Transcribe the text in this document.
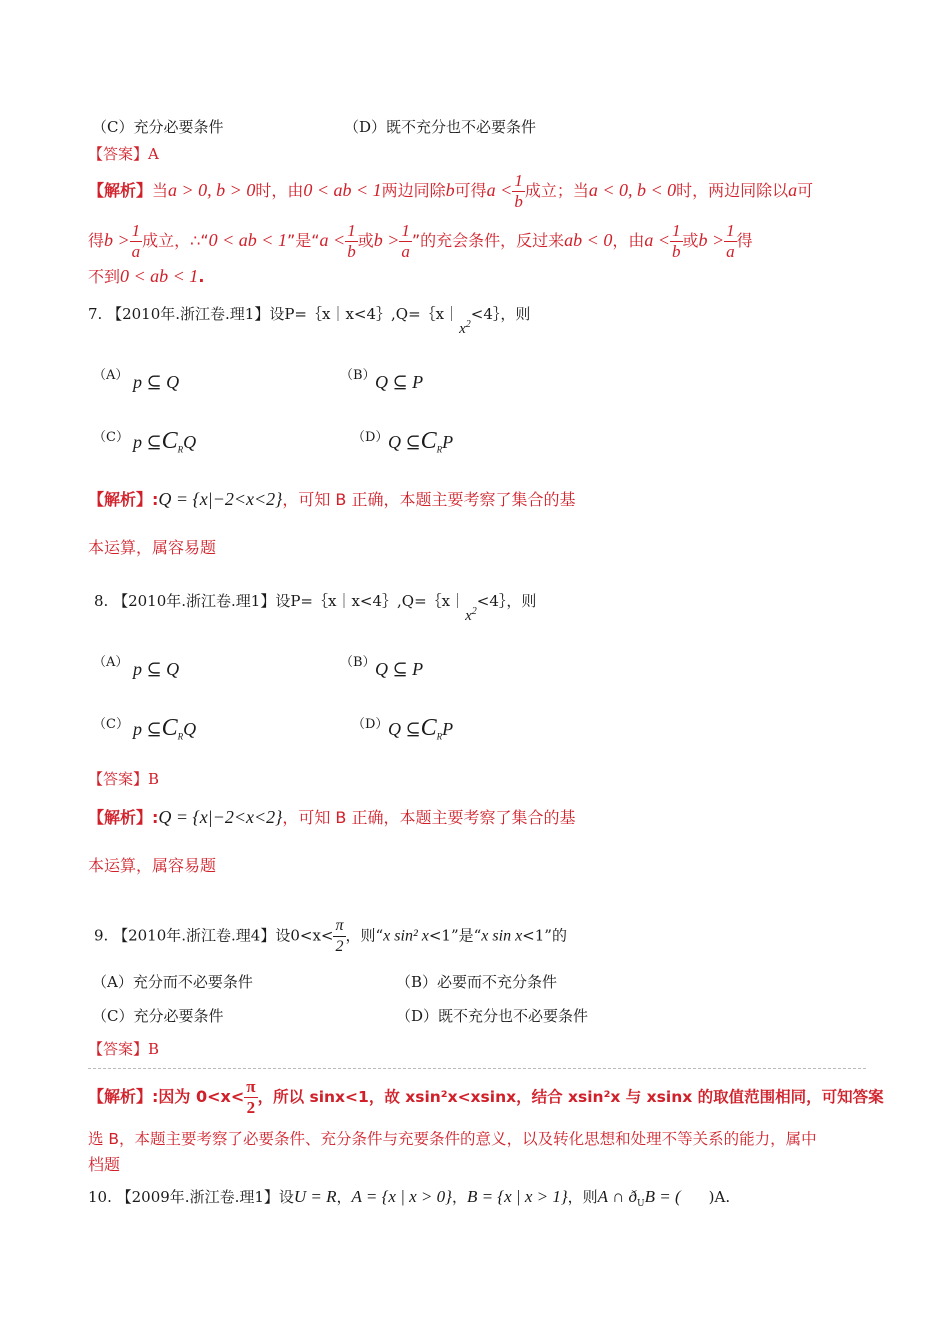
（C）充分必要条件	（D）既不充分也不必要条件
【答案】A
【解析】当a > 0, b > 0时，由0 < ab < 1两边同除b可得$a < \frac{1}{b}$ 成立；当a < 0, b < 0时，两边同除以a可
得$b > \frac{1}{a}$ 成立，∴“0 < ab < 1”是“$a < \frac{1}{b}$ 或$b > \frac{1}{a}$ ”的充会条件，反过来ab < 0，由$a < \frac{1}{b}$ 或$b > \frac{1}{a}$ 得
不到0 < ab < 1.
7. 【2010年.浙江卷.理1】设$P=\{x|x<4\},Q=\{x|x^2<4\}$，则
（A） p ⊆ Q	（B） Q ⊆ P
（C） p $⊆C_RQ$	（D） Q $⊆C_RP$
【解析】:Q = {x|−2<x<2}，可知 B 正确，本题主要考察了集合的基
本运算，属容易题
8. 【2010年.浙江卷.理1】设$P=\{x|x<4\},Q=\{x|x^2<4\}$，则
（A） p ⊆ Q	（B） Q ⊆ P
（C） p $⊆C_RQ$	（D） Q $⊆C_RP$
【答案】B
【解析】:Q = {x|−2<x<2}，可知 B 正确，本题主要考察了集合的基
本运算，属容易题
9. 【2010年.浙江卷.理4】设$0<x< \frac{\pi}{2}$ ，则“x sin² x<1”是“x sin x<1”的
（A）充分而不必要条件	（B）必要而不充分条件
（C）充分必要条件	（D）既不充分也不必要条件
【答案】B
【解析】:因为 $0<x< \frac{\pi}{2}$ ，所以 sinx<1，故 xsin²x<xsinx，结合 xsin²x 与 xsinx 的取值范围相同，可知答案
选 B，本题主要考察了必要条件、充分条件与充要条件的意义，以及转化思想和处理不等关系的能力，属中
档题
10. 【2009年.浙江卷.理1】设U = R，A = {x | x > 0}，B = {x | x > 1}，则A ∩ $ð_UB$ = ( )A.
